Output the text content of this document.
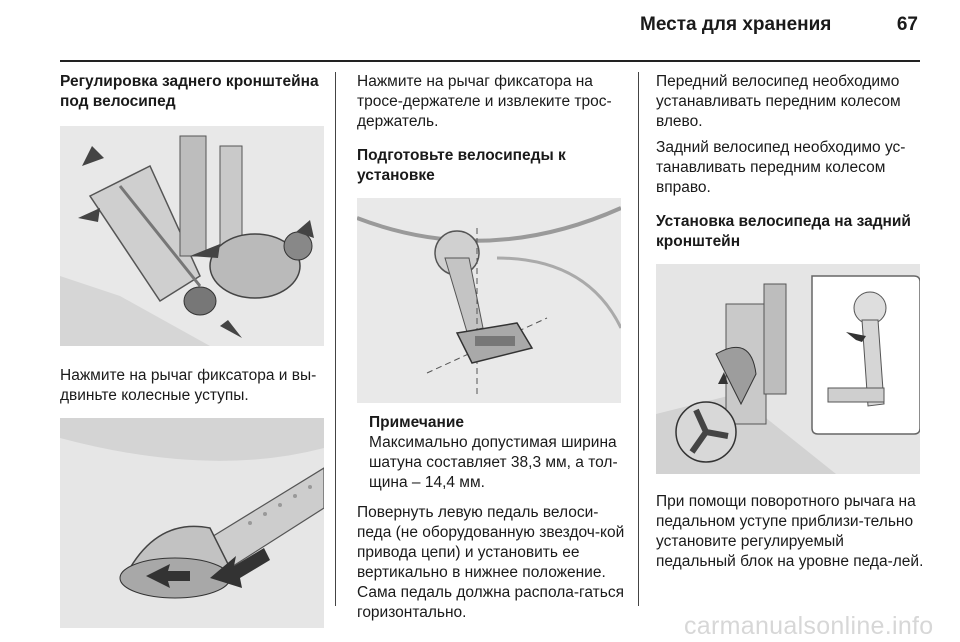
Места для хранения	67

Регулировка заднего кронштейна под велосипед

Нажмите на рычаг фиксатора и вы-двиньте колесные уступы.

Нажмите на рычаг фиксатора на тросе-держателе и извлеките трос-держатель.

Подготовьте велосипеды к установке

Примечание

Максимально допустимая ширина шатуна составляет 38,3 мм, а тол-щина – 14,4 мм.

Повернуть левую педаль велоси-педа (не оборудованную звездоч-кой привода цепи) и установить ее вертикально в нижнее положение. Сама педаль должна распола-гаться горизонтально.

Передний велосипед необходимо устанавливать передним колесом влево.

Задний велосипед необходимо ус-танавливать передним колесом вправо.

Установка велосипеда на задний кронштейн

При помощи поворотного рычага на педальном уступе приблизи-тельно установите регулируемый педальный блок на уровне педа-лей.

carmanualsonline.info
